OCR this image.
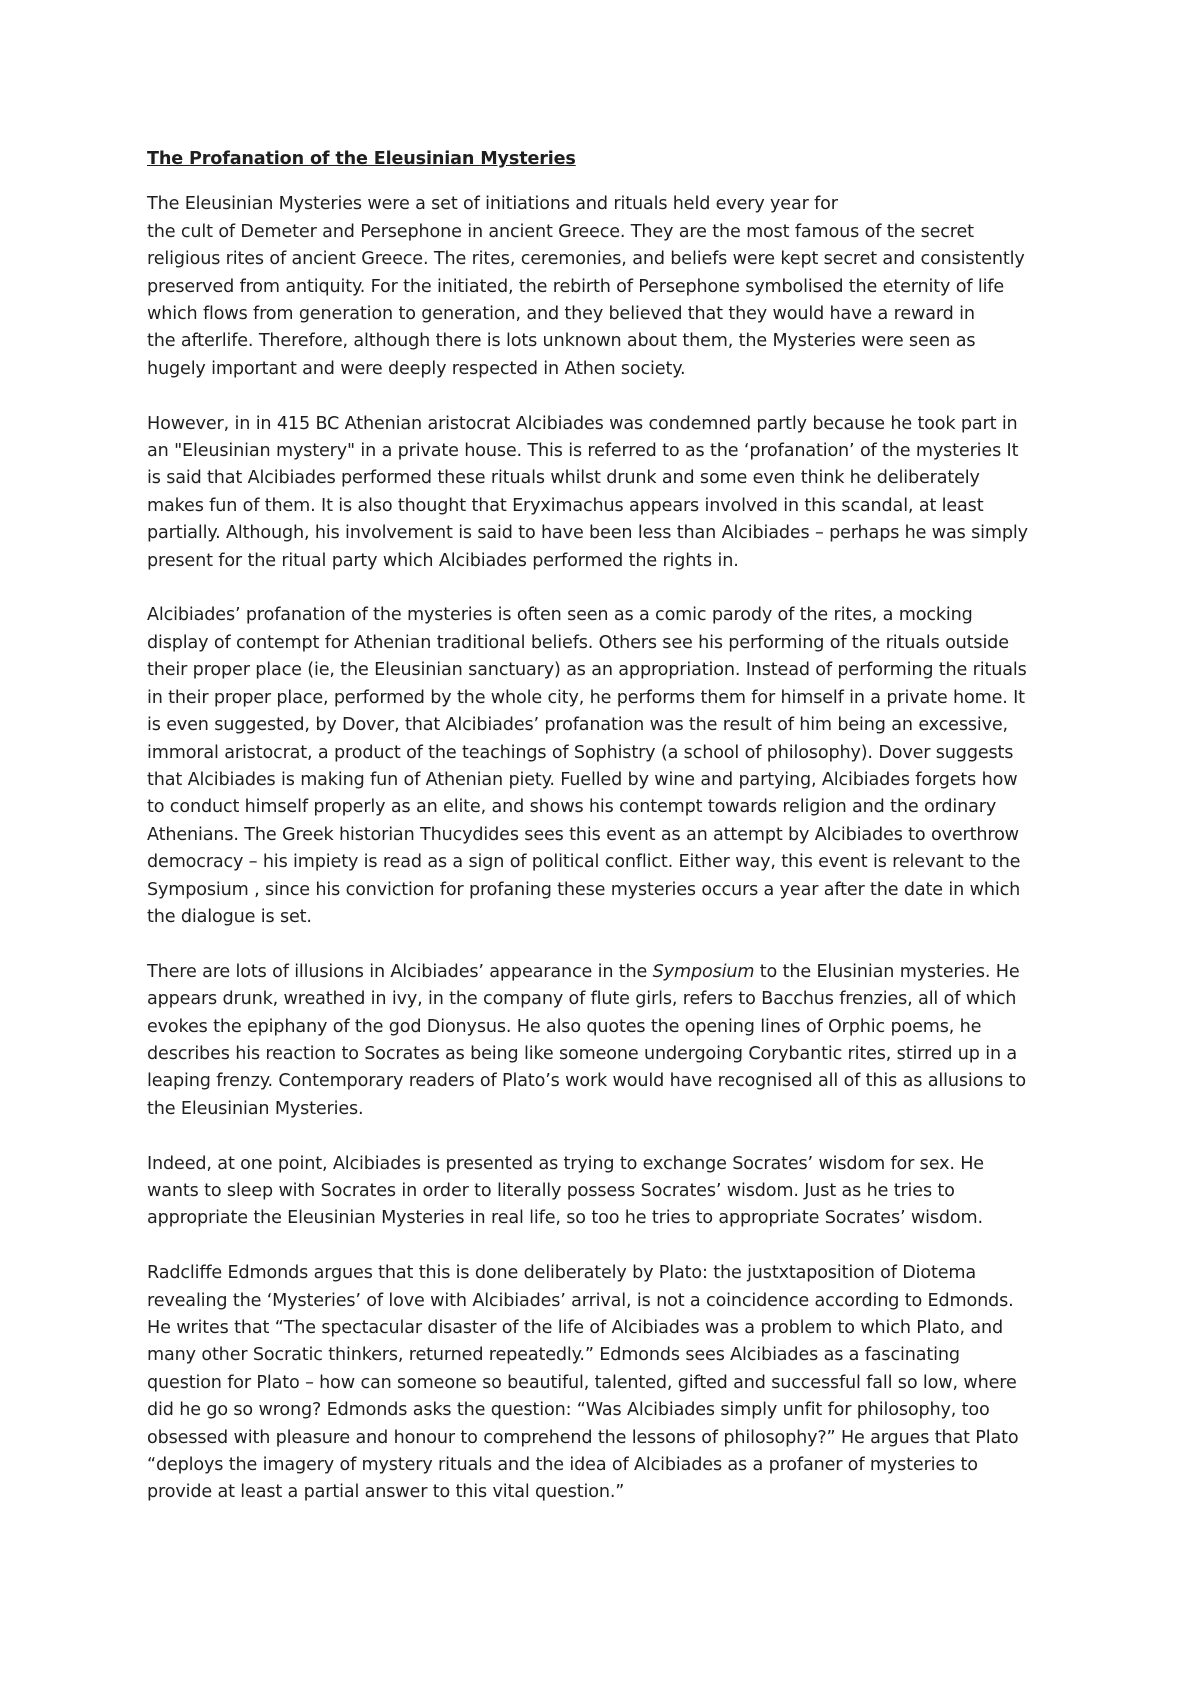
The Profanation of the Eleusinian Mysteries
The Eleusinian Mysteries were a set of initiations and rituals held every year for
the cult of Demeter and Persephone in ancient Greece. They are the most famous of the secret
religious rites of ancient Greece. The rites, ceremonies, and beliefs were kept secret and consistently
preserved from antiquity. For the initiated, the rebirth of Persephone symbolised the eternity of life
which flows from generation to generation, and they believed that they would have a reward in
the afterlife. Therefore, although there is lots unknown about them, the Mysteries were seen as
hugely important and were deeply respected in Athen society.
However, in in 415 BC Athenian aristocrat Alcibiades was condemned partly because he took part in
an "Eleusinian mystery" in a private house. This is referred to as the ‘profanation’ of the mysteries It
is said that Alcibiades performed these rituals whilst drunk and some even think he deliberately
makes fun of them. It is also thought that Eryximachus appears involved in this scandal, at least
partially. Although, his involvement is said to have been less than Alcibiades – perhaps he was simply
present for the ritual party which Alcibiades performed the rights in.
Alcibiades’ profanation of the mysteries is often seen as a comic parody of the rites, a mocking
display of contempt for Athenian traditional beliefs. Others see his performing of the rituals outside
their proper place (ie, the Eleusinian sanctuary) as an appropriation. Instead of performing the rituals
in their proper place, performed by the whole city, he performs them for himself in a private home. It
is even suggested, by Dover, that Alcibiades’ profanation was the result of him being an excessive,
immoral aristocrat, a product of the teachings of Sophistry (a school of philosophy). Dover suggests
that Alcibiades is making fun of Athenian piety. Fuelled by wine and partying, Alcibiades forgets how
to conduct himself properly as an elite, and shows his contempt towards religion and the ordinary
Athenians. The Greek historian Thucydides sees this event as an attempt by Alcibiades to overthrow
democracy – his impiety is read as a sign of political conflict. Either way, this event is relevant to the
Symposium , since his conviction for profaning these mysteries occurs a year after the date in which
the dialogue is set.
There are lots of illusions in Alcibiades’ appearance in the Symposium to the Elusinian mysteries. He
appears drunk, wreathed in ivy, in the company of flute girls, refers to Bacchus frenzies, all of which
evokes the epiphany of the god Dionysus. He also quotes the opening lines of Orphic poems, he
describes his reaction to Socrates as being like someone undergoing Corybantic rites, stirred up in a
leaping frenzy. Contemporary readers of Plato’s work would have recognised all of this as allusions to
the Eleusinian Mysteries.
Indeed, at one point, Alcibiades is presented as trying to exchange Socrates’ wisdom for sex. He
wants to sleep with Socrates in order to literally possess Socrates’ wisdom. Just as he tries to
appropriate the Eleusinian Mysteries in real life, so too he tries to appropriate Socrates’ wisdom.
Radcliffe Edmonds argues that this is done deliberately by Plato: the justxtaposition of Diotema
revealing the ‘Mysteries’ of love with Alcibiades’ arrival, is not a coincidence according to Edmonds.
He writes that “The spectacular disaster of the life of Alcibiades was a problem to which Plato, and
many other Socratic thinkers, returned repeatedly.” Edmonds sees Alcibiades as a fascinating
question for Plato – how can someone so beautiful, talented, gifted and successful fall so low, where
did he go so wrong? Edmonds asks the question: “Was Alcibiades simply unfit for philosophy, too
obsessed with pleasure and honour to comprehend the lessons of philosophy?” He argues that Plato
“deploys the imagery of mystery rituals and the idea of Alcibiades as a profaner of mysteries to
provide at least a partial answer to this vital question.”
